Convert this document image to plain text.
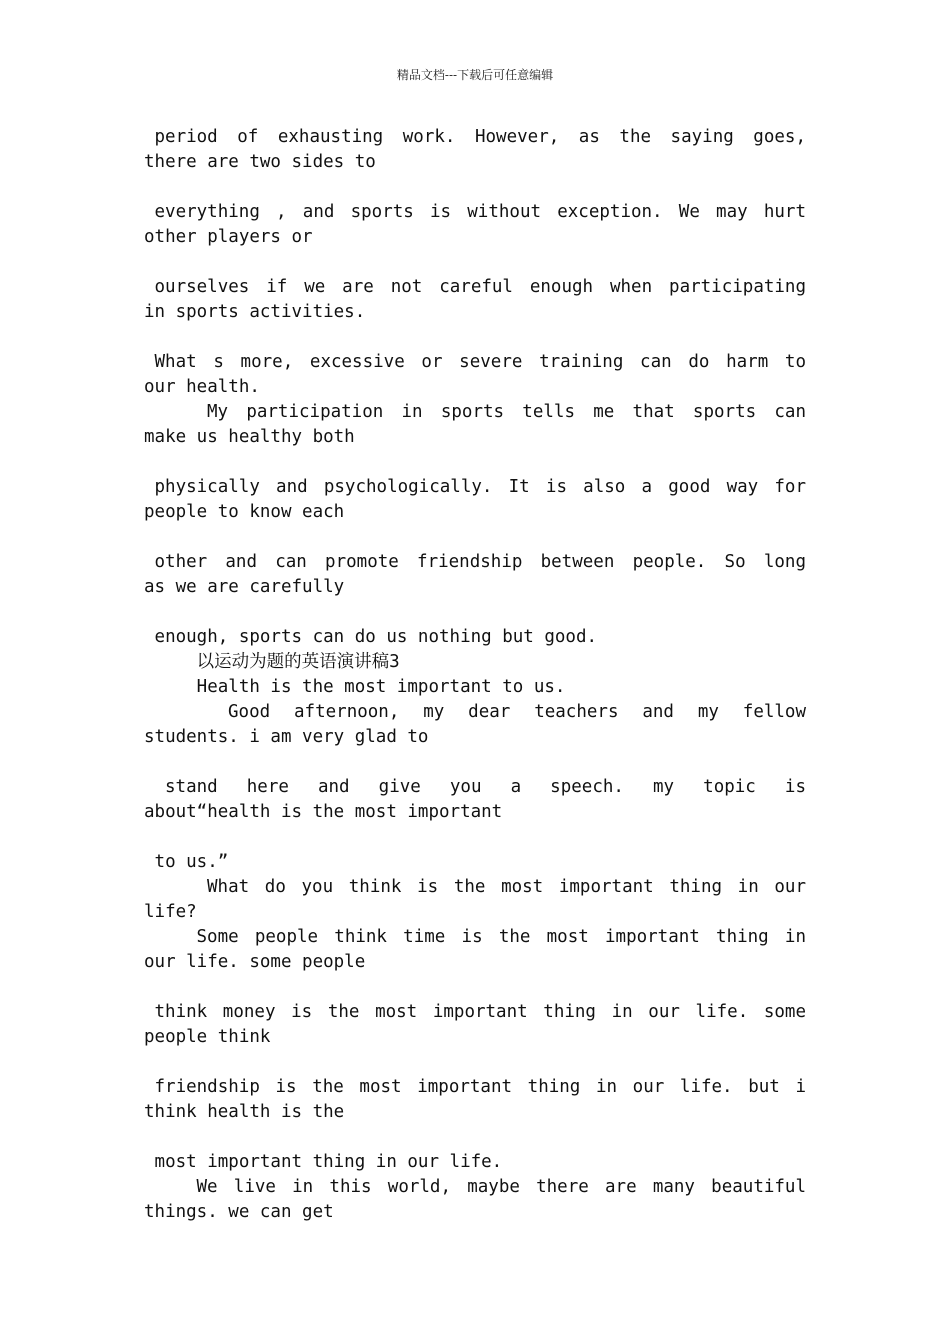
精品文档---下载后可任意编辑
period of exhausting work. However, as the saying goes,
there are two sides to
everything , and sports is without exception. We may hurt
other players or
ourselves if we are not careful enough when participating
in sports activities.
What s more, excessive or severe training can do harm to
our health.
My participation in sports tells me that sports can
make us healthy both
physically and psychologically. It is also a good way for
people to know each
other and can promote friendship between people. So long
as we are carefully
enough, sports can do us nothing but good.
以运动为题的英语演讲稿3
Health is the most important to us.
Good afternoon, my dear teachers and my fellow
students. i am very glad to
stand here and give you a speech. my topic is
about“health is the most important
to us.”
What do you think is the most important thing in our
life?
Some people think time is the most important thing in
our life. some people
think money is the most important thing in our life. some
people think
friendship is the most important thing in our life. but i
think health is the
most important thing in our life.
We live in this world, maybe there are many beautiful
things. we can get
